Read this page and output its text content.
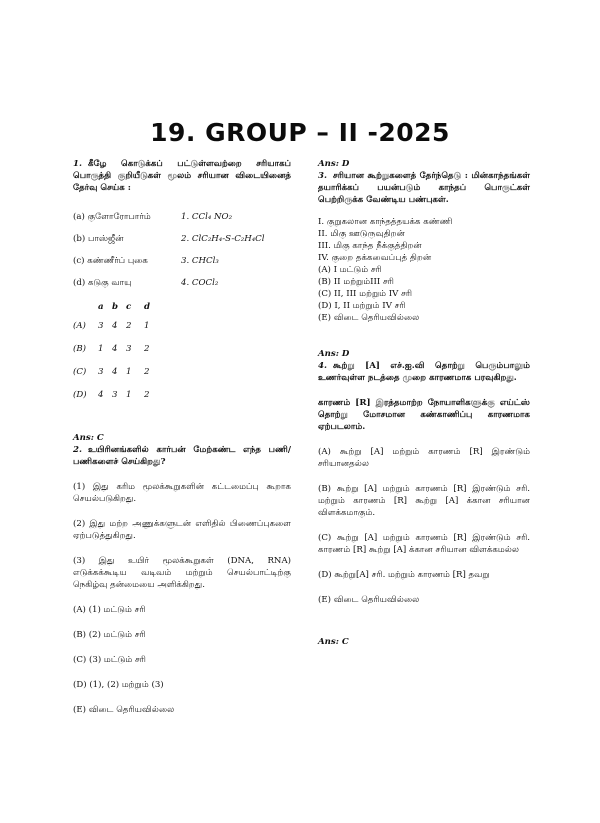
19. GROUP – II -2025

1. கீழே கொடுக்கப் பட்டுள்ளவற்றை சரியாகப் பொருத்தி குறியீடுகள் மூலம் சரியான விடையினைத் தேர்வு செய்க :

(a) குளோரோபார்ம்	1. CCl₄ NO₂
(b) பாஸ்ஜீன்	2. ClC₂H₄-S-C₂H₄Cl
(c) கண்ணீர்ப் புகை	3. CHCl₃
(d) கடுகு வாயு	4. COCl₂
a b c	d
(A)	3 4 2	1
(B)	1 4 3	2
(C)	3 4 1	2
(D)	4 3 1	2

Ans: C

2. உயிரினங்களில் கார்பன் மேற்கண்ட எந்த பணி/பணிகளைச் செய்கிறது?

(1) இது கரிம மூலக்கூறுகளின் கட்டமைப்பு கூறாக செயல்படுகிறது.

(2) இது மற்ற அணுக்களுடன் எளிதில் பிணைப்புகளை ஏற்படுத்துகிறது.

(3) இது உயிர் மூலக்கூறுகள் (DNA, RNA) எடுக்கக்கூடிய வடிவம் மற்றும் செயல்பாட்டிற்கு நெகிழ்வு தன்மையை அளிக்கிறது.

(A) (1) மட்டும் சரி

(B) (2) மட்டும் சரி

(C) (3) மட்டும் சரி

(D) (1), (2) மற்றும் (3)

(E) விடை தெரியவில்லை

Ans: D

3. சரியான கூற்றுகளைத் தேர்ந்தெடு : மின்காந்தங்கள் தயாரிக்கப் பயன்படும் காந்தப் பொருட்கள் பெற்றிருக்க வேண்டிய பண்புகள்.

I. குறுகலான காந்தத்தயக்க கண்ணி

II. மிகு ஊடுருவுதிறன்

III. மிகு காந்த நீக்குத்திறன்

IV. குறை தக்கவைப்புத் திறன்

(A) I மட்டும் சரி

(B) II மற்றும்III சரி

(C) II, III மற்றும் IV சரி

(D) I, II மற்றும் IV சரி

(E) விடை தெரியவில்லை

Ans: D

4. கூற்று [A] எச்.ஐ.வி தொற்று பெரும்பாலும் உணர்வுள்ள நடத்தை முறை காரணமாக பரவுகிறது.

காரணம் [R] இரத்தமாற்ற நோயாளிகளுக்கு எய்ட்ஸ் தொற்று மோசமான கண்காணிப்பு காரணமாக ஏற்படலாம்.

(A) கூற்று [A] மற்றும் காரணம் [R] இரண்டும் சரியானதல்ல

(B) கூற்று [A] மற்றும் காரணம் [R] இரண்டும் சரி. மற்றும் காரணம் [R] கூற்று [A] க்கான சரியான விளக்கமாகும்.

(C) கூற்று [A] மற்றும் காரணம் [R] இரண்டும் சரி. காரணம் [R] கூற்று [A] க்கான சரியான விளக்கமல்ல

(D) கூற்று[A] சரி. மற்றும் காரணம் [R] தவறு

(E) விடை தெரியவில்லை

Ans: C
